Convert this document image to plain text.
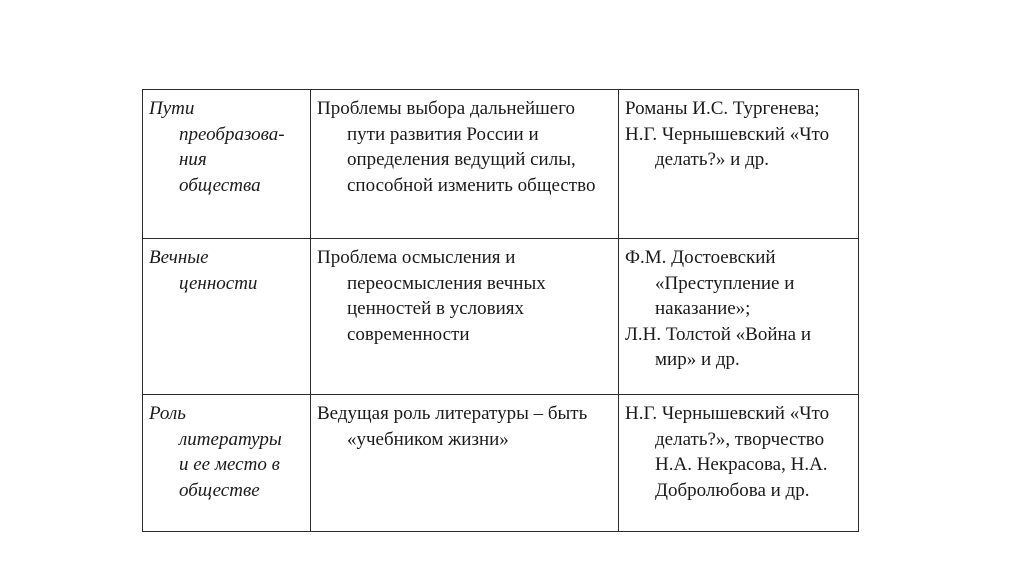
Пути
преобразова-
ния
общества	Проблемы выбора дальнейшего пути развития России и определения ведущий силы, способной изменить общество	Романы И.С. Тургенева;
Н.Г. Чернышевский «Что делать?» и др.

Вечные
ценности	Проблема осмысления и переосмысления вечных ценностей в условиях современности	Ф.М. Достоевский «Преступление и наказание»;
Л.Н. Толстой «Война и мир» и др.

Роль
литературы
и ее место в
обществе	Ведущая роль литературы – быть «учебником жизни»	Н.Г. Чернышевский «Что делать?», творчество Н.А. Некрасова, Н.А. Добролюбова и др.
